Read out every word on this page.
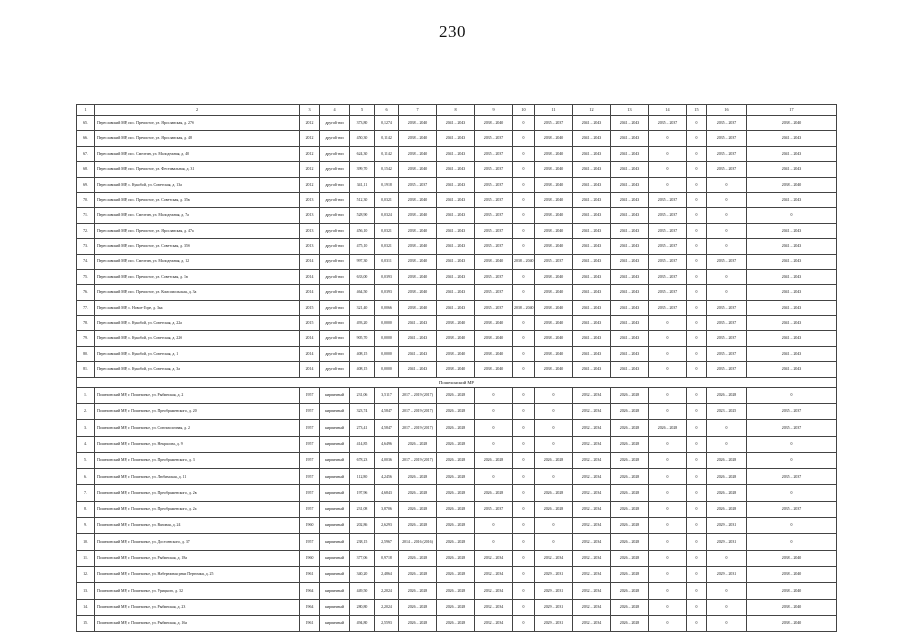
230
1	2	3	4	5	6	7	8	9	10	11	12	13	14	15	16	17
65.	Переславский МР, пос. Пречистое, ул. Ярославская, д. 27б	2012	другой тип	373,80	0,1274	2038 – 2040	2041 – 2043	2038 – 2040	0	2035 – 2037	2041 – 2043	2041 – 2043	2035 – 2037	0	2035 – 2037	2038 – 2040
66.	Переславский МР, пос. Пречистое, ул. Ярославская, д. 48	2012	другой тип	450,30	0,1142	2038 – 2040	2041 – 2043	2035 – 2037	0	2038 – 2040	2041 – 2043	2041 – 2043	0	0	2035 – 2037	2041 – 2043
67.	Переславский МР, пос. Смелтин, ул. Молодежная, д. 40	2012	другой тип	624,30	0,1142	2038 – 2040	2041 – 2043	2035 – 2037	0	2038 – 2040	2041 – 2043	2041 – 2043	0	0	2035 – 2037	2041 – 2043
68.	Переславский МР, пос. Пречистое, ул. Фестивальная, д. 31	2012	другой тип	399,70	0,1542	2038 – 2040	2041 – 2043	2035 – 2037	0	2038 – 2040	2041 – 2043	2041 – 2043	0	0	2035 – 2037	2041 – 2043
69.	Переславский МР, с. Кукобой, ул. Советская, д. 13а	2012	другой тип	341,11	0,1918	2035 – 2037	2041 – 2043	2035 – 2037	0	2038 – 2040	2041 – 2043	2041 – 2043	0	0	0	2038 – 2040
70.	Переславский МР, пос. Пречистое, ул. Советская, д. 35в	2013	другой тип	512,30	0,0321	2038 – 2040	2041 – 2043	2035 – 2037	0	2038 – 2040	2041 – 2043	2041 – 2043	2035 – 2037	0	0	2041 – 2043
71.	Переславский МР, пос. Смелтин, ул. Молодежная, д. 7а	2013	другой тип	528,90	0,0324	2038 – 2040	2041 – 2043	2035 – 2037	0	2038 – 2040	2041 – 2043	2041 – 2043	2035 – 2037	0	0	0
72.	Переславский МР, пос. Пречистое, ул. Ярославская, д. 47а	2013	другой тип	456,10	0,0321	2038 – 2040	2041 – 2043	2035 – 2037	0	2038 – 2040	2041 – 2043	2041 – 2043	2035 – 2037	0	0	2041 – 2043
73.	Переславский МР, пос. Пречистое, ул. Советская, д. 35б	2013	другой тип	475,10	0,0321	2038 – 2040	2041 – 2043	2035 – 2037	0	2038 – 2040	2041 – 2043	2041 – 2043	2035 – 2037	0	0	2041 – 2043
74.	Переславский МР, пос. Смелтин, ул. Молодежная, д. 12	2014	другой тип	997,30	0,0311	2038 – 2040	2041 – 2043	2038 – 2040	2038 – 2040	2035 – 2037	2041 – 2043	2041 – 2043	2035 – 2037	0	2035 – 2037	2041 – 2043
75.	Переславский МР, пос. Пречистое, ул. Советская, д. 1в	2014	другой тип	633,00	0,0393	2038 – 2040	2041 – 2043	2035 – 2037	0	2038 – 2040	2041 – 2043	2041 – 2043	2035 – 2037	0	0	2041 – 2043
76.	Переславский МР, пос. Пречистое, ул. Комсомольская, д. 3а	2014	другой тип	464,50	0,0393	2038 – 2040	2041 – 2043	2035 – 2037	0	2038 – 2040	2041 – 2043	2041 – 2043	2035 – 2037	0	0	2041 – 2043
77.	Переславский МР, с. Новое-Горе, д. 3ка	2015	другой тип	321,40	0,0066	2038 – 2040	2041 – 2043	2035 – 2037	2038 – 2040	2038 – 2040	2041 – 2043	2041 – 2043	2035 – 2037	0	2035 – 2037	2041 – 2043
78.	Переславский МР, с. Кукобой, ул. Советская, д. 22а	2015	другой тип	493,20	0,0000	2041 – 2043	2038 – 2040	2038 – 2040	0	2038 – 2040	2041 – 2043	2041 – 2043	0	0	2035 – 2037	2041 – 2043
79.	Переславский МР, с. Кукобой, ул. Советская, д. 22б	2014	другой тип	905,70	0,0000	2041 – 2043	2038 – 2040	2038 – 2040	0	2038 – 2040	2041 – 2043	2041 – 2043	0	0	2035 – 2037	2041 – 2043
80.	Переславский МР, с. Кукобой, ул. Советская, д. 1	2014	другой тип	408,15	0,0000	2041 – 2043	2038 – 2040	2038 – 2040	0	2038 – 2040	2041 – 2043	2041 – 2043	0	0	2035 – 2037	2041 – 2043
81.	Переславский МР, с. Кукобой, ул. Советская, д. 3а	2014	другой тип	408,15	0,0000	2041 – 2043	2038 – 2040	2038 – 2040	0	2038 – 2040	2041 – 2043	2041 – 2043	0	0	2035 – 2037	2041 – 2043
Пошехонский МР																
1.	Пошехонский МР, г. Пошехонье, ул. Рыбинская, д. 2	1957	кирпичный	231,06	3,5117	2017 – 2019 (2017)	2026 – 2028	0	0	0	2032 – 2034	2026 – 2028	0	0	2026 – 2028	0
2.	Пошехонский МР, г. Пошехонье, ул. Преображенского, д. 20	1957	кирпичный	323,74	4,5847	2017 – 2019 (2017)	2026 – 2028	0	0	0	2032 – 2034	2026 – 2028	0	0	2023 – 2025	2035 – 2037
3.	Пошехонский МР, г. Пошехонье, ул. Союзмолочная, д. 2	1957	кирпичный	273,41	4,5847	2017 – 2019 (2017)	2026 – 2028	0	0	0	2032 – 2034	2026 – 2028	2026 – 2028	0	0	2035 – 2037
4.	Пошехонский МР, г. Пошехонье, ул. Некрасова, д. 9	1957	кирпичный	414,85	4,6496	2026 – 2028	2026 – 2028	0	0	0	2032 – 2034	2026 – 2028	0	0	0	0
5.	Пошехонский МР, г. Пошехонье, ул. Преображенского, д. 3	1957	кирпичный	678,23	4,0036	2017 – 2019 (2017)	2026 – 2028	2026 – 2028	0	2026 – 2028	2032 – 2034	2026 – 2028	0	0	2026 – 2028	0
6.	Пошехонский МР, г. Пошехонье, ул. Любимская, д. 11	1957	кирпичный	112,80	4,2456	2026 – 2028	2026 – 2028	0	0	0	2032 – 2034	2026 – 2028	0	0	2026 – 2028	2035 – 2037
7.	Пошехонский МР, г. Пошехонье, ул. Преображенского, д. 2в	1957	кирпичный	197,96	4,6843	2026 – 2028	2026 – 2028	2026 – 2028	0	2026 – 2028	2032 – 2034	2026 – 2028	0	0	2026 – 2028	0
8.	Пошехонский МР, г. Пошехонье, ул. Преображенского, д. 2а	1957	кирпичный	231,08	3,8706	2026 – 2028	2026 – 2028	2035 – 2037	0	2026 – 2028	2032 – 2034	2026 – 2028	0	0	2026 – 2028	2035 – 2037
9.	Пошехонский МР, г. Пошехонье, ул. Вязовая, д. 24	1960	кирпичный	202,86	2,6293	2026 – 2028	2026 – 2028	0	0	0	2032 – 2034	2026 – 2028	0	0	2029 – 2031	0
10.	Пошехонский МР, г. Пошехонье, ул. Достоевского, д. 37	1957	кирпичный	238,15	2,5967	2014 – 2016 (2016)	2026 – 2028	0	0	0	2032 – 2034	2026 – 2028	0	0	2029 – 2031	0
11.	Пошехонский МР, г. Пошехонье, ул. Рыбинская, д. 18а	1960	кирпичный	377,06	0,9718	2026 – 2028	2026 – 2028	2032 – 2034	0	2032 – 2034	2032 – 2034	2026 – 2028	0	0	0	2038 – 2040
12.	Пошехонский МР, г. Пошехонье, ул. Набережная реки Пертомки, д. 25	1961	кирпичный	340,20	2,4864	2026 – 2028	2026 – 2028	2032 – 2034	0	2029 – 2031	2032 – 2034	2026 – 2028	0	0	2029 – 2031	2038 – 2040
13.	Пошехонский МР, г. Пошехонье, ул. Урицкого, д. 32	1964	кирпичный	449,50	2,2024	2026 – 2028	2026 – 2028	2032 – 2034	0	2029 – 2031	2032 – 2034	2026 – 2028	0	0	0	2038 – 2040
14.	Пошехонский МР, г. Пошехонье, ул. Рыбинская, д. 23	1964	кирпичный	280,80	2,2024	2026 – 2028	2026 – 2028	2032 – 2034	0	2029 – 2031	2032 – 2034	2026 – 2028	0	0	0	2038 – 2040
15.	Пошехонский МР, г. Пошехонье, ул. Рыбинская, д. 16а	1961	кирпичный	494,80	2,5593	2026 – 2028	2026 – 2028	2032 – 2034	0	2029 – 2031	2032 – 2034	2026 – 2028	0	0	0	2038 – 2040
